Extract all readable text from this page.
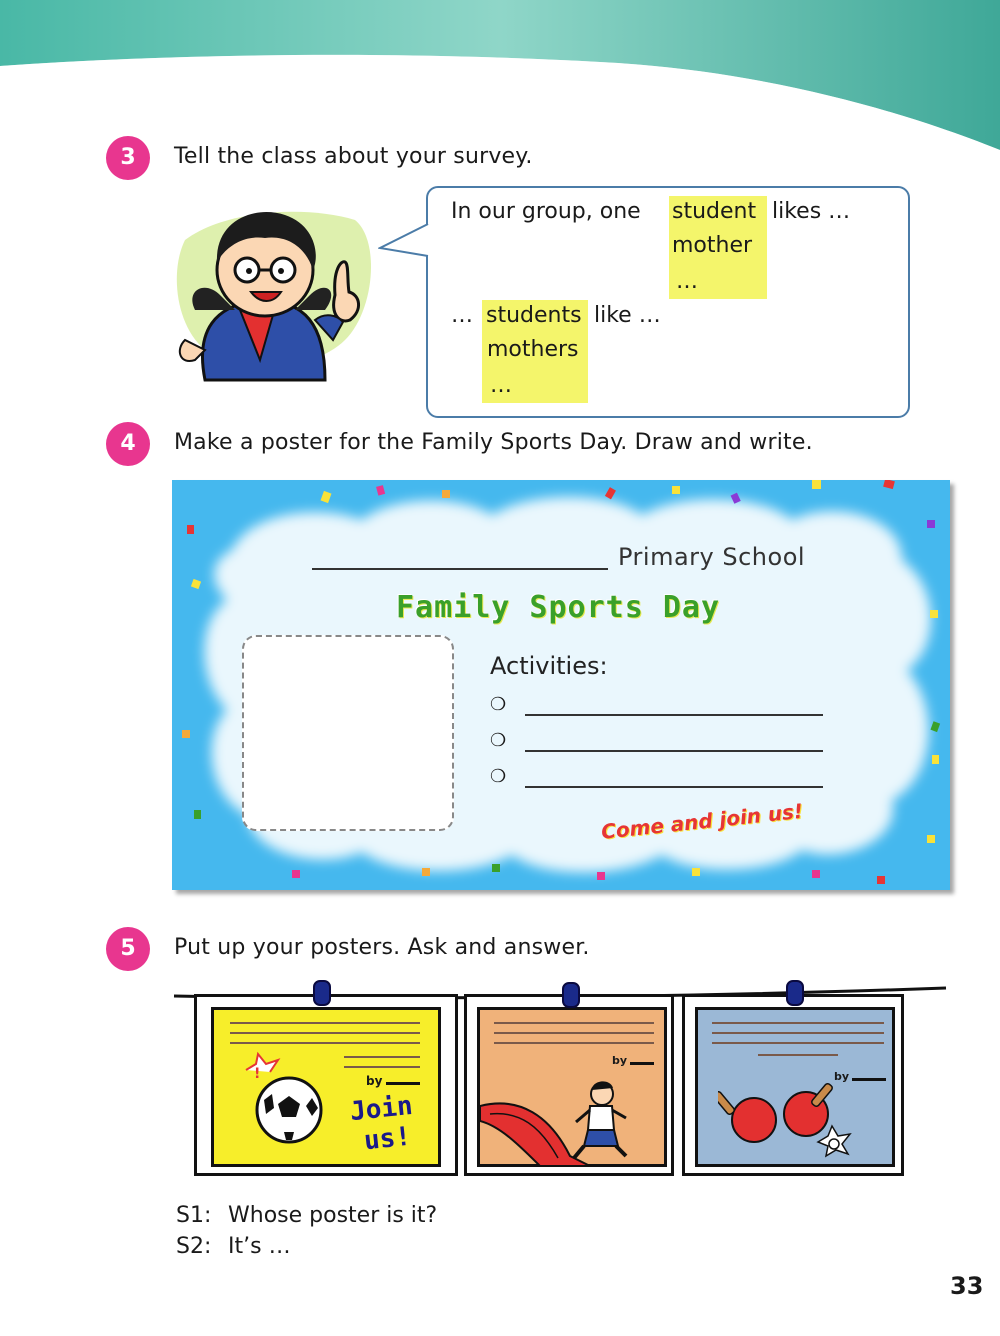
3	Tell the class about your survey.
In our group, one student likes …
mother
…
… students like …
mothers
…
4	Make a poster for the Family Sports Day. Draw and write.
Primary School
Family Sports Day
Activities:
❍
❍
❍
Come and join us!
5	Put up your posters. Ask and answer.
!	by
Join
us!
by
by
S1: Whose poster is it?
S2: It’s …
33
